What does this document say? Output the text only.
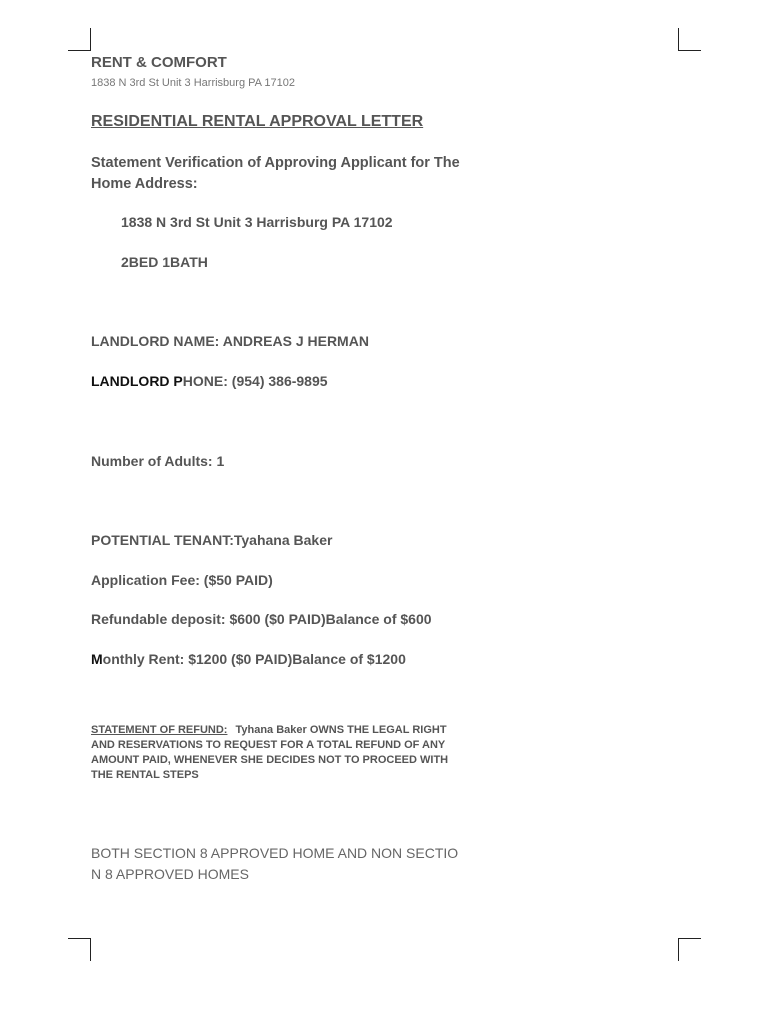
RENT & COMFORT
1838 N 3rd St Unit 3 Harrisburg PA 17102
RESIDENTIAL RENTAL APPROVAL LETTER
Statement Verification of Approving Applicant for The Home Address:
1838 N 3rd St Unit 3 Harrisburg PA 17102
2BED 1BATH
LANDLORD NAME: ANDREAS J HERMAN
LANDLORD PHONE: (954) 386-9895
Number of Adults: 1
POTENTIAL TENANT:Tyahana Baker
Application Fee: ($50 PAID)
Refundable deposit: $600 ($0 PAID)Balance of $600
Monthly Rent: $1200 ($0 PAID)Balance of $1200
STATEMENT OF REFUND: Tyhana Baker OWNS THE LEGAL RIGHT AND RESERVATIONS TO REQUEST FOR A TOTAL REFUND OF ANY AMOUNT PAID, WHENEVER SHE DECIDES NOT TO PROCEED WITH THE RENTAL STEPS
BOTH SECTION 8 APPROVED HOME AND NON SECTIO
N 8 APPROVED HOMES
